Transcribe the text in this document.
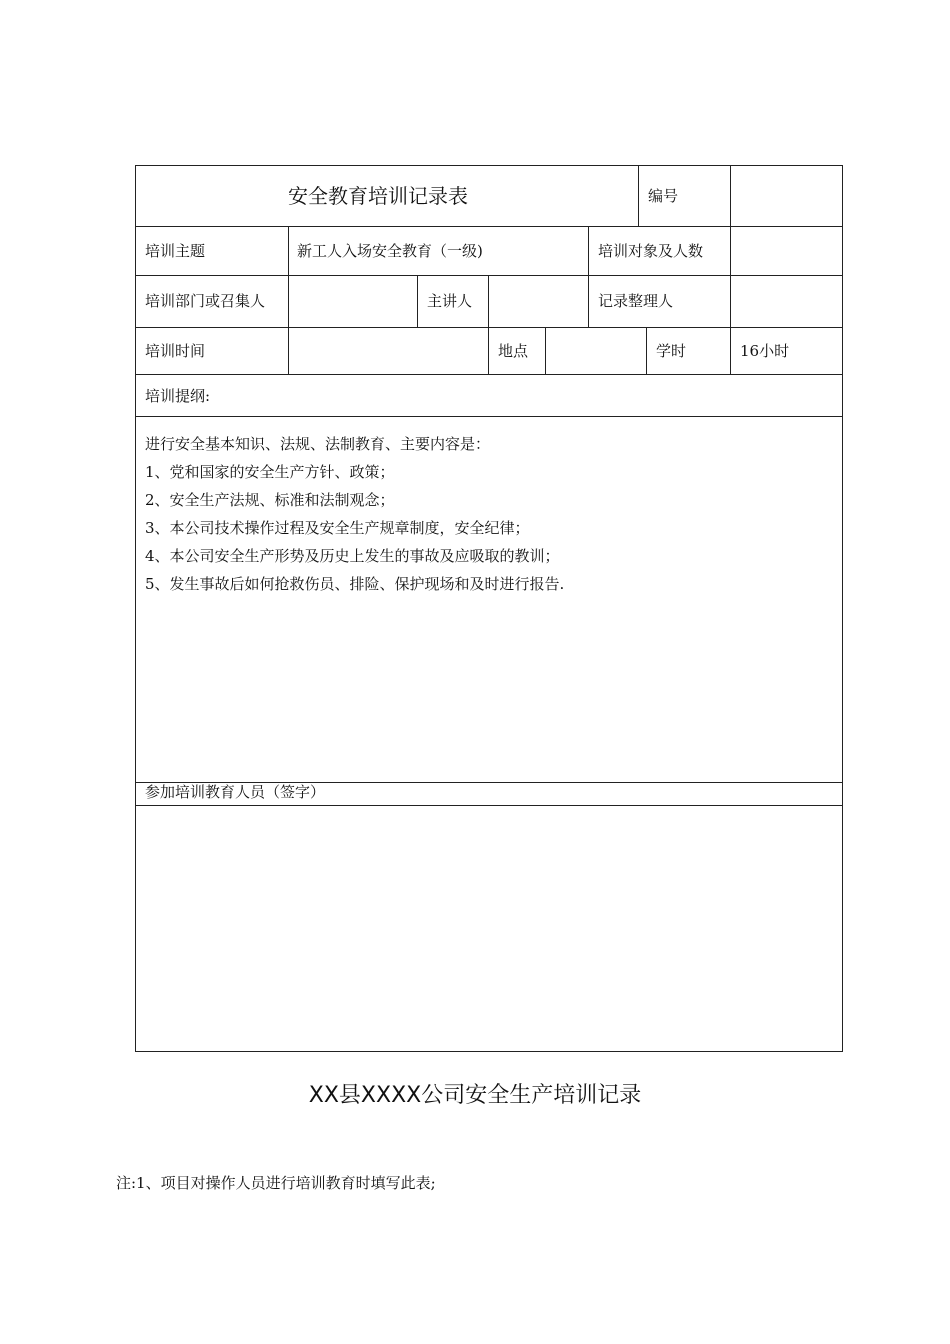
安全教育培训记录表	编号
培训主题	新工人入场安全教育（一级)	培训对象及人数
培训部门或召集人	主讲人	记录整理人
培训时间	地点	学时	16小时
培训提纲:
进行安全基本知识、法规、法制教育、主要内容是：
1、党和国家的安全生产方针、政策；
2、安全生产法规、标准和法制观念；
3、本公司技术操作过程及安全生产规章制度，安全纪律；
4、本公司安全生产形势及历史上发生的事故及应吸取的教训；
5、发生事故后如何抢救伤员、排险、保护现场和及时进行报告.
参加培训教育人员（签字）
XX县XXXX公司安全生产培训记录
注:1、项目对操作人员进行培训教育时填写此表;
